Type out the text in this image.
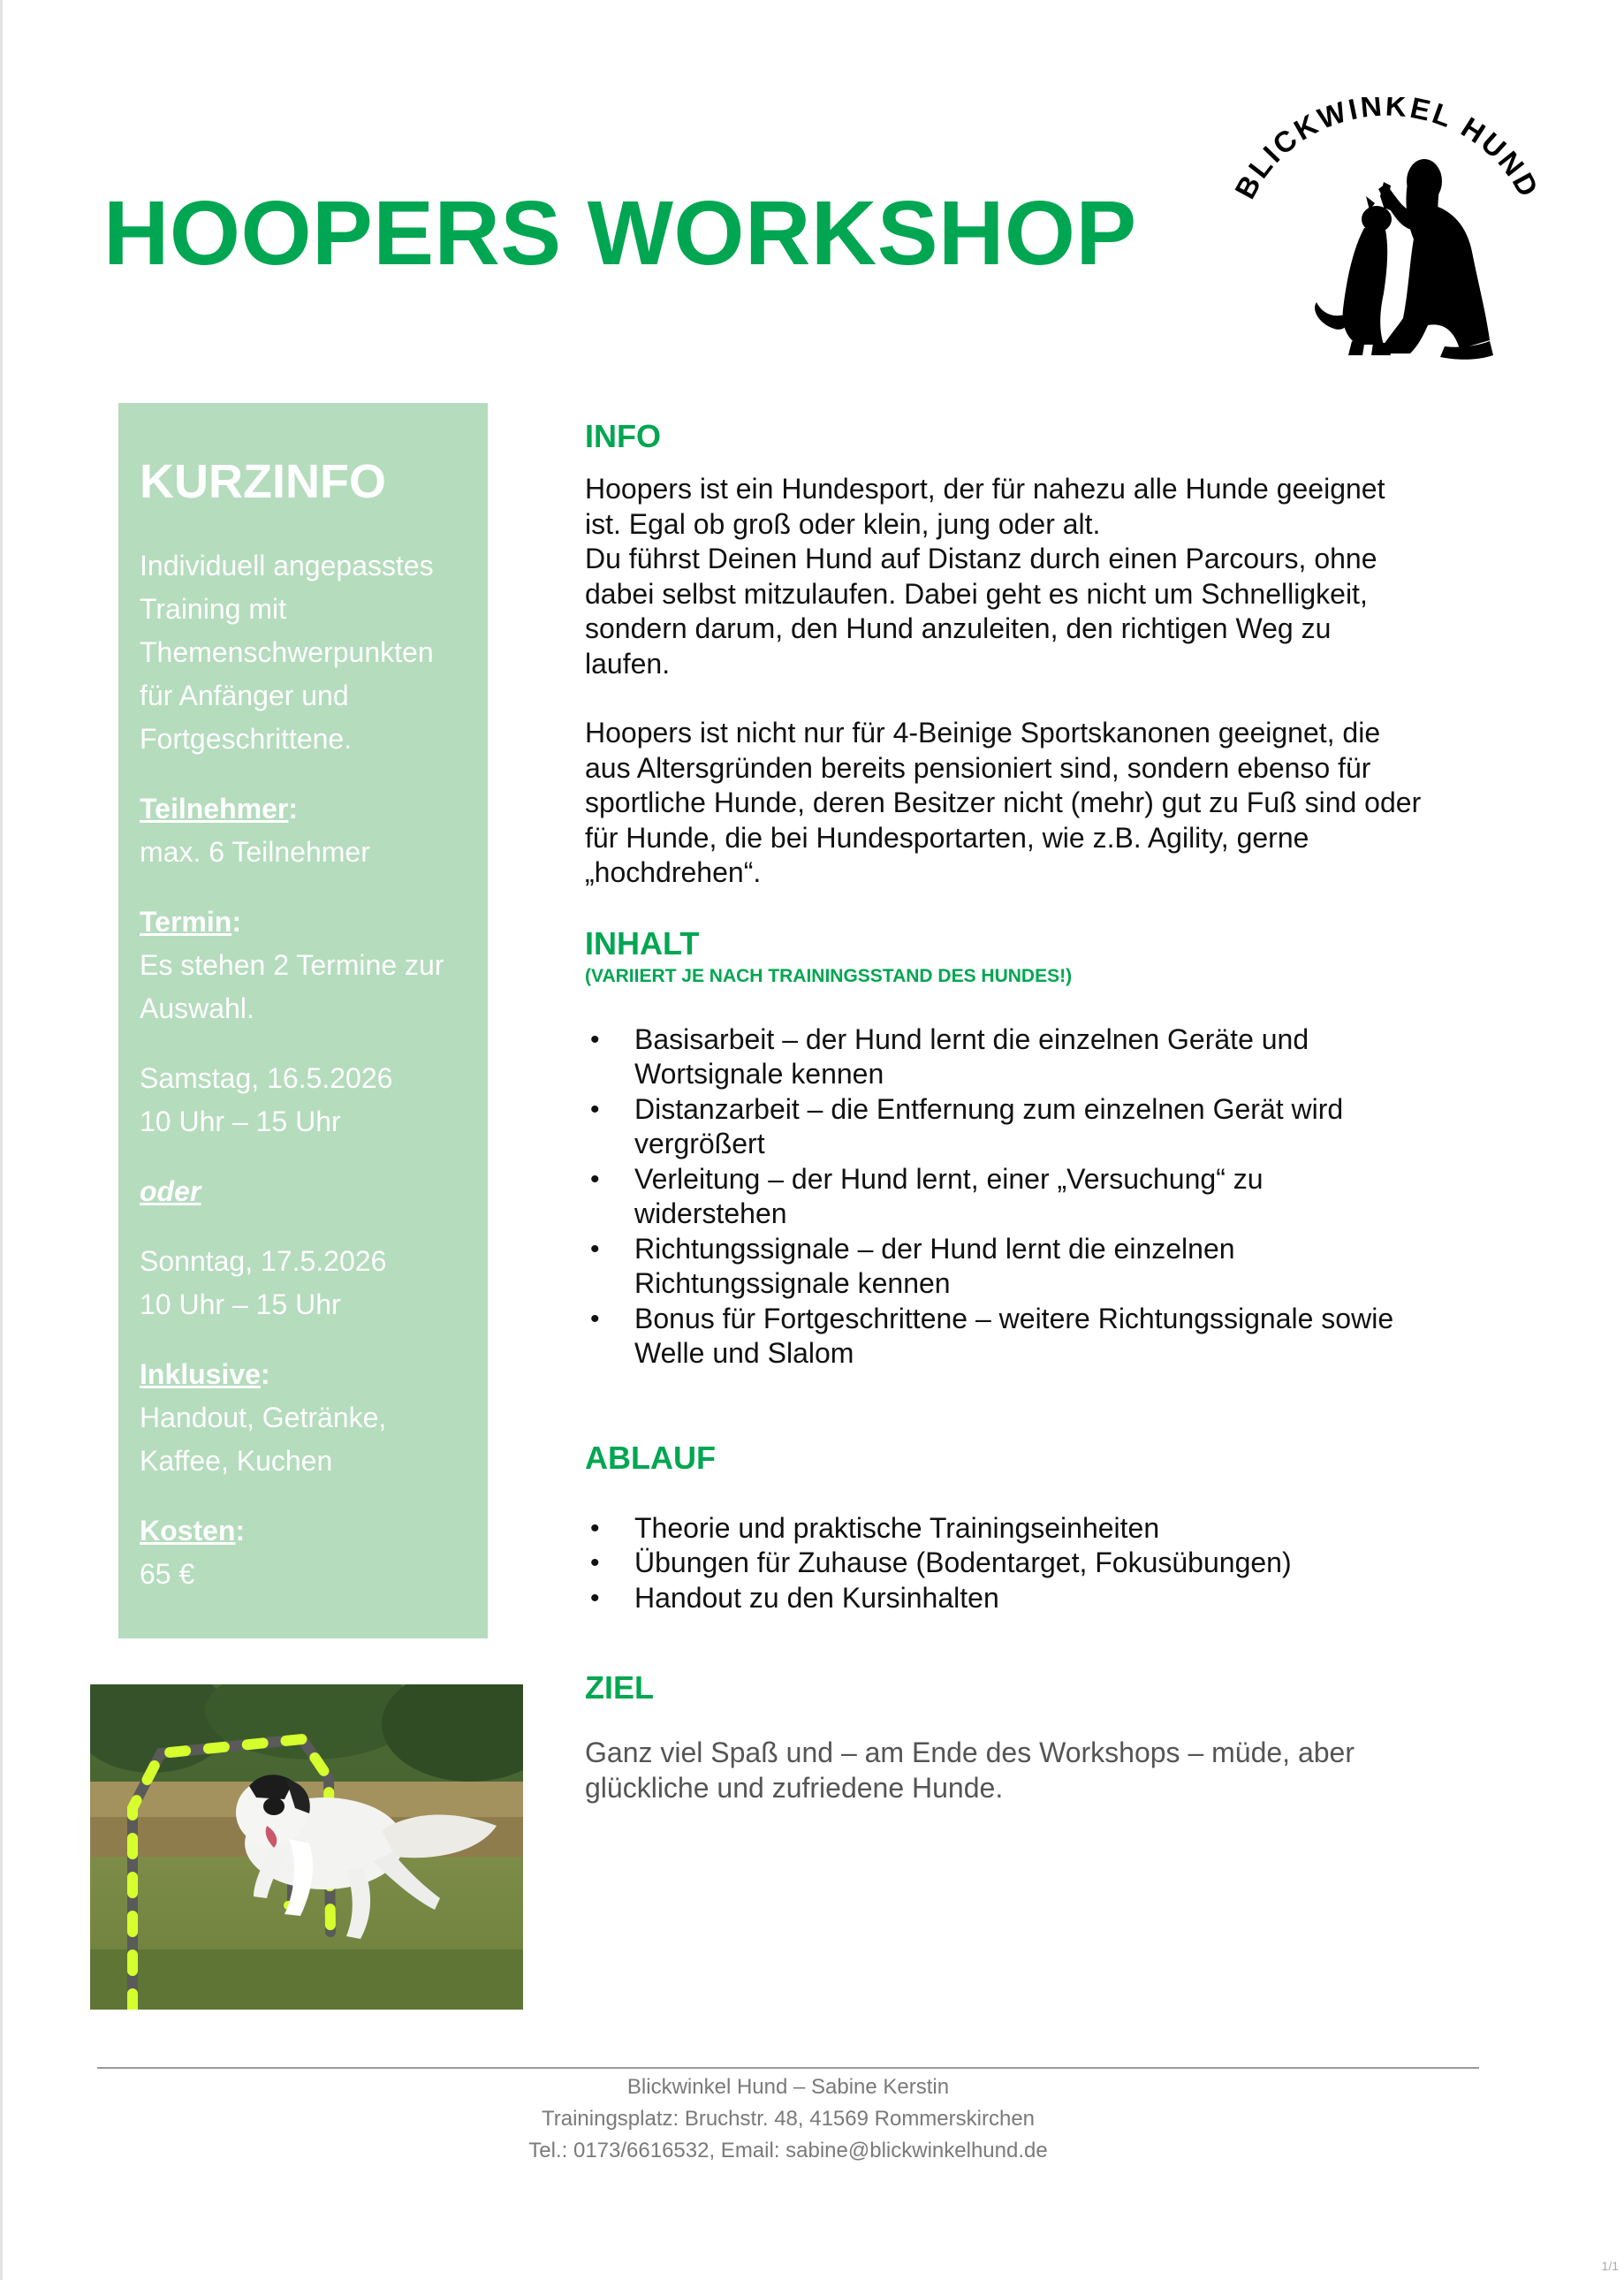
HOOPERS WORKSHOP	BLICKWINKEL HUND
KURZINFO
Individuell angepasstes
Training mit
Themenschwerpunkten
für Anfänger und
Fortgeschrittene.
Teilnehmer:
max. 6 Teilnehmer
Termin:
Es stehen 2 Termine zur
Auswahl.
Samstag, 16.5.2026
10 Uhr – 15 Uhr
oder
Sonntag, 17.5.2026
10 Uhr – 15 Uhr
Inklusive:
Handout, Getränke,
Kaffee, Kuchen
Kosten:
65 €
INFO
Hoopers ist ein Hundesport, der für nahezu alle Hunde geeignet
ist. Egal ob groß oder klein, jung oder alt.
Du führst Deinen Hund auf Distanz durch einen Parcours, ohne
dabei selbst mitzulaufen. Dabei geht es nicht um Schnelligkeit,
sondern darum, den Hund anzuleiten, den richtigen Weg zu
laufen.
Hoopers ist nicht nur für 4-Beinige Sportskanonen geeignet, die
aus Altersgründen bereits pensioniert sind, sondern ebenso für
sportliche Hunde, deren Besitzer nicht (mehr) gut zu Fuß sind oder
für Hunde, die bei Hundesportarten, wie z.B. Agility, gerne
„hochdrehen“.
INHALT
(VARIIERT JE NACH TRAININGSSTAND DES HUNDES!)
• Basisarbeit – der Hund lernt die einzelnen Geräte und
Wortsignale kennen
• Distanzarbeit – die Entfernung zum einzelnen Gerät wird
vergrößert
• Verleitung – der Hund lernt, einer „Versuchung“ zu
widerstehen
• Richtungssignale – der Hund lernt die einzelnen
Richtungssignale kennen
• Bonus für Fortgeschrittene – weitere Richtungssignale sowie
Welle und Slalom
ABLAUF
• Theorie und praktische Trainingseinheiten
• Übungen für Zuhause (Bodentarget, Fokusübungen)
• Handout zu den Kursinhalten
ZIEL
Ganz viel Spaß und – am Ende des Workshops – müde, aber
glückliche und zufriedene Hunde.
Blickwinkel Hund – Sabine Kerstin
Trainingsplatz: Bruchstr. 48, 41569 Rommerskirchen
Tel.: 0173/6616532, Email: sabine@blickwinkelhund.de
1/1
